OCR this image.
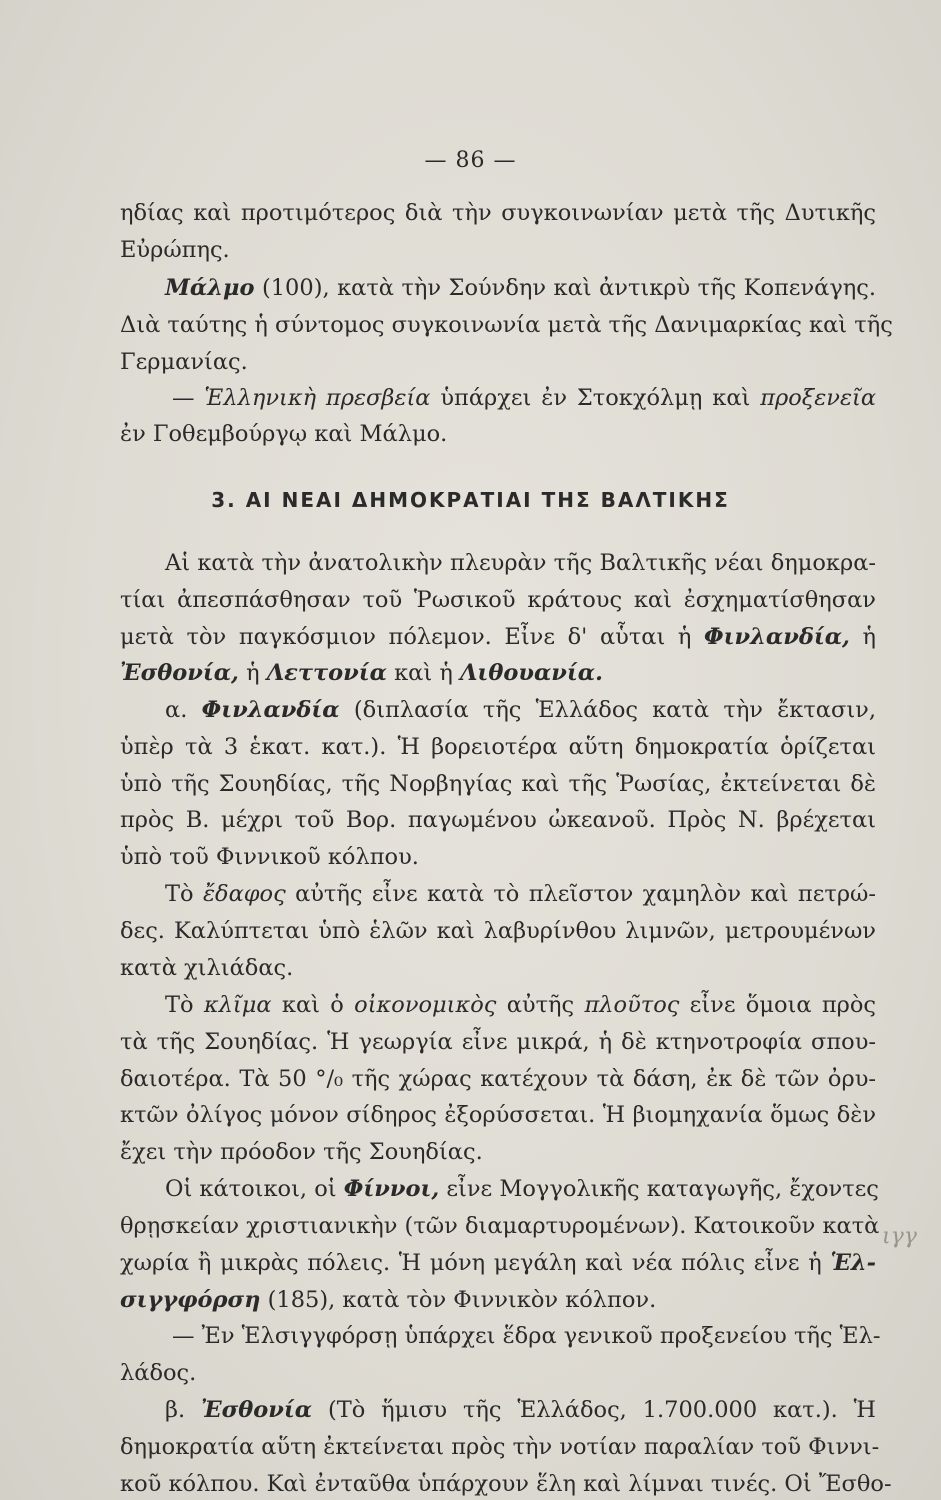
— 86 —
ηδίας καὶ προτιμότερος διὰ τὴν συγκοινωνίαν μετὰ τῆς Δυτικῆς
Εὐρώπης.
Μάλμο (100), κατὰ τὴν Σούνδην καὶ ἀντικρὺ τῆς Κοπενάγης.
Διὰ ταύτης ἡ σύντομος συγκοινωνία μετὰ τῆς Δανιμαρκίας καὶ τῆς
Γερμανίας.
— Ἑλληνικὴ πρεσβεία ὑπάρχει ἐν Στοκχόλμῃ καὶ προξενεῖα
ἐν Γοθεμβούργῳ καὶ Μάλμο.
3. ΑΙ ΝΕΑΙ ΔΗΜΟΚΡΑΤΙΑΙ ΤΗΣ ΒΑΛΤΙΚΗΣ
Αἱ κατὰ τὴν ἀνατολικὴν πλευρὰν τῆς Βαλτικῆς νέαι δημοκρα-
τίαι ἀπεσπάσθησαν τοῦ Ῥωσικοῦ κράτους καὶ ἐσχηματίσθησαν
μετὰ τὸν παγκόσμιον πόλεμον. Εἶνε δ' αὗται ἡ Φινλανδία, ἡ
Ἐσθονία, ἡ Λεττονία καὶ ἡ Λιθουανία.
α. Φινλανδία (διπλασία τῆς Ἑλλάδος κατὰ τὴν ἔκτασιν,
ὑπὲρ τὰ 3 ἑκατ. κατ.). Ἡ βορειοτέρα αὕτη δημοκρατία ὁρίζεται
ὑπὸ τῆς Σουηδίας, τῆς Νορβηγίας καὶ τῆς Ῥωσίας, ἐκτείνεται δὲ
πρὸς Β. μέχρι τοῦ Βορ. παγωμένου ὠκεανοῦ. Πρὸς Ν. βρέχεται
ὑπὸ τοῦ Φιννικοῦ κόλπου.
Τὸ ἔδαφος αὐτῆς εἶνε κατὰ τὸ πλεῖστον χαμηλὸν καὶ πετρώ-
δες. Καλύπτεται ὑπὸ ἑλῶν καὶ λαβυρίνθου λιμνῶν, μετρουμένων
κατὰ χιλιάδας.
Τὸ κλῖμα καὶ ὁ οἰκονομικὸς αὐτῆς πλοῦτος εἶνε ὅμοια πρὸς
τὰ τῆς Σουηδίας. Ἡ γεωργία εἶνε μικρά, ἡ δὲ κτηνοτροφία σπου-
δαιοτέρα. Τὰ 50 °/₀ τῆς χώρας κατέχουν τὰ δάση, ἐκ δὲ τῶν ὀρυ-
κτῶν ὀλίγος μόνον σίδηρος ἐξορύσσεται. Ἡ βιομηχανία ὅμως δὲν
ἔχει τὴν πρόοδον τῆς Σουηδίας.
Οἱ κάτοικοι, οἱ Φίννοι, εἶνε Μογγολικῆς καταγωγῆς, ἔχοντες
θρῃσκείαν χριστιανικὴν (τῶν διαμαρτυρομένων). Κατοικοῦν κατὰ
χωρία ἢ μικρὰς πόλεις. Ἡ μόνη μεγάλη καὶ νέα πόλις εἶνε ἡ Ἑλ-
σιγγφόρση (185), κατὰ τὸν Φιννικὸν κόλπον.
— Ἐν Ἑλσιγγφόρσῃ ὑπάρχει ἕδρα γενικοῦ προξενείου τῆς Ἑλ-
λάδος.
β. Ἐσθονία (Τὸ ἥμισυ τῆς Ἑλλάδος, 1.700.000 κατ.). Ἡ
δημοκρατία αὕτη ἐκτείνεται πρὸς τὴν νοτίαν παραλίαν τοῦ Φιννι-
κοῦ κόλπου. Καὶ ἐνταῦθα ὑπάρχουν ἕλη καὶ λίμναι τινές. Οἱ Ἔσθο-
ιγγ
